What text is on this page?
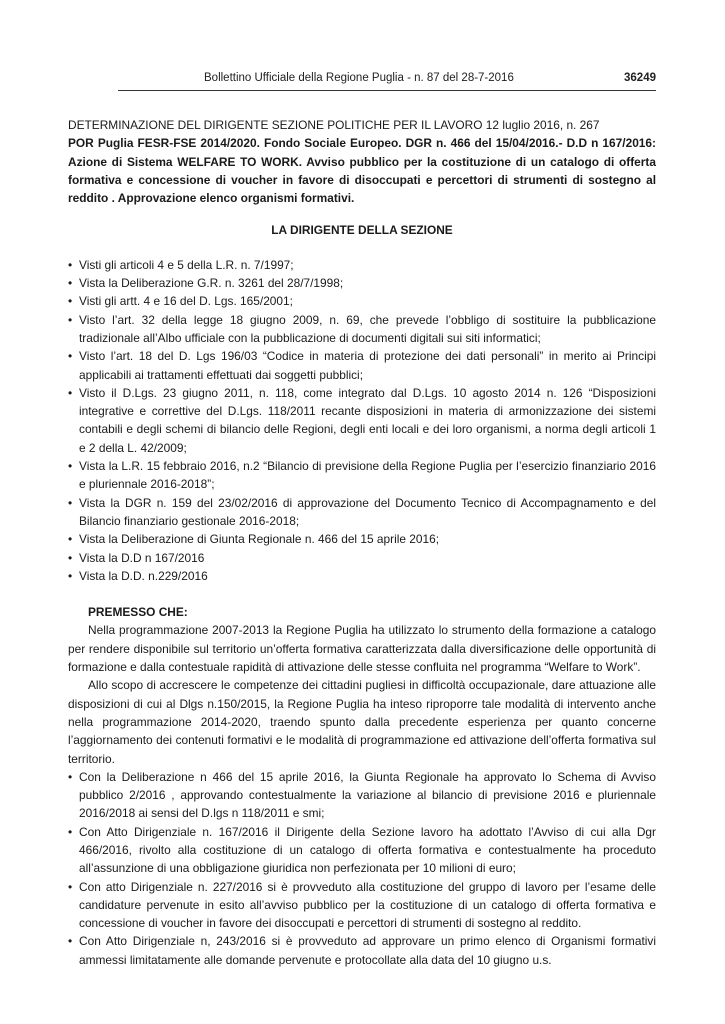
Bollettino Ufficiale della Regione Puglia - n. 87 del 28-7-2016	36249

DETERMINAZIONE DEL DIRIGENTE SEZIONE POLITICHE PER IL LAVORO 12 luglio 2016, n. 267

POR Puglia FESR-FSE 2014/2020. Fondo Sociale Europeo. DGR n. 466 del 15/04/2016.- D.D n 167/2016: Azione di Sistema WELFARE TO WORK. Avviso pubblico per la costituzione di un catalogo di offerta formativa e concessione di voucher in favore di disoccupati e percettori di strumenti di sostegno al reddito . Approvazione elenco organismi formativi.

LA DIRIGENTE DELLA SEZIONE

• Visti gli articoli 4 e 5 della L.R. n. 7/1997;
• Vista la Deliberazione G.R. n. 3261 del 28/7/1998;
• Visti gli artt. 4 e 16 del D. Lgs. 165/2001;
• Visto l’art. 32 della legge 18 giugno 2009, n. 69, che prevede l’obbligo di sostituire la pubblicazione tradizionale all’Albo ufficiale con la pubblicazione di documenti digitali sui siti informatici;
• Visto l’art. 18 del D. Lgs 196/03 “Codice in materia di protezione dei dati personali” in merito ai Principi applicabili ai trattamenti effettuati dai soggetti pubblici;
• Visto il D.Lgs. 23 giugno 2011, n. 118, come integrato dal D.Lgs. 10 agosto 2014 n. 126 “Disposizioni integrative e correttive del D.Lgs. 118/2011 recante disposizioni in materia di armonizzazione dei sistemi contabili e degli schemi di bilancio delle Regioni, degli enti locali e dei loro organismi, a norma degli articoli 1 e 2 della L. 42/2009;
• Vista la L.R. 15 febbraio 2016, n.2 “Bilancio di previsione della Regione Puglia per l’esercizio finanziario 2016 e pluriennale 2016-2018”;
• Vista la DGR n. 159 del 23/02/2016 di approvazione del Documento Tecnico di Accompagnamento e del Bilancio finanziario gestionale 2016-2018;
• Vista la Deliberazione di Giunta Regionale n. 466 del 15 aprile 2016;
• Vista la D.D n 167/2016
• Vista la D.D. n.229/2016

PREMESSO CHE:

Nella programmazione 2007-2013 la Regione Puglia ha utilizzato lo strumento della formazione a catalogo per rendere disponibile sul territorio un’offerta formativa caratterizzata dalla diversificazione delle opportunità di formazione e dalla contestuale rapidità di attivazione delle stesse confluita nel programma “Welfare to Work”.

Allo scopo di accrescere le competenze dei cittadini pugliesi in difficoltà occupazionale, dare attuazione alle disposizioni di cui al Dlgs n.150/2015, la Regione Puglia ha inteso riproporre tale modalità di intervento anche nella programmazione 2014-2020, traendo spunto dalla precedente esperienza per quanto concerne l’aggiornamento dei contenuti formativi e le modalità di programmazione ed attivazione dell’offerta formativa sul territorio.

• Con la Deliberazione n 466 del 15 aprile 2016, la Giunta Regionale ha approvato lo Schema di Avviso pubblico 2/2016 , approvando contestualmente la variazione al bilancio di previsione 2016 e pluriennale 2016/2018 ai sensi del D.lgs n 118/2011 e smi;
• Con Atto Dirigenziale n. 167/2016 il Dirigente della Sezione lavoro ha adottato l’Avviso di cui alla Dgr 466/2016, rivolto alla costituzione di un catalogo di offerta formativa e contestualmente ha proceduto all’assunzione di una obbligazione giuridica non perfezionata per 10 milioni di euro;
• Con atto Dirigenziale n. 227/2016 si è provveduto alla costituzione del gruppo di lavoro per l’esame delle candidature pervenute in esito all’avviso pubblico per la costituzione di un catalogo di offerta formativa e concessione di voucher in favore dei disoccupati e percettori di strumenti di sostegno al reddito.
• Con Atto Dirigenziale n, 243/2016 si è provveduto ad approvare un primo elenco di Organismi formativi ammessi limitatamente alle domande pervenute e protocollate alla data del 10 giugno u.s.
